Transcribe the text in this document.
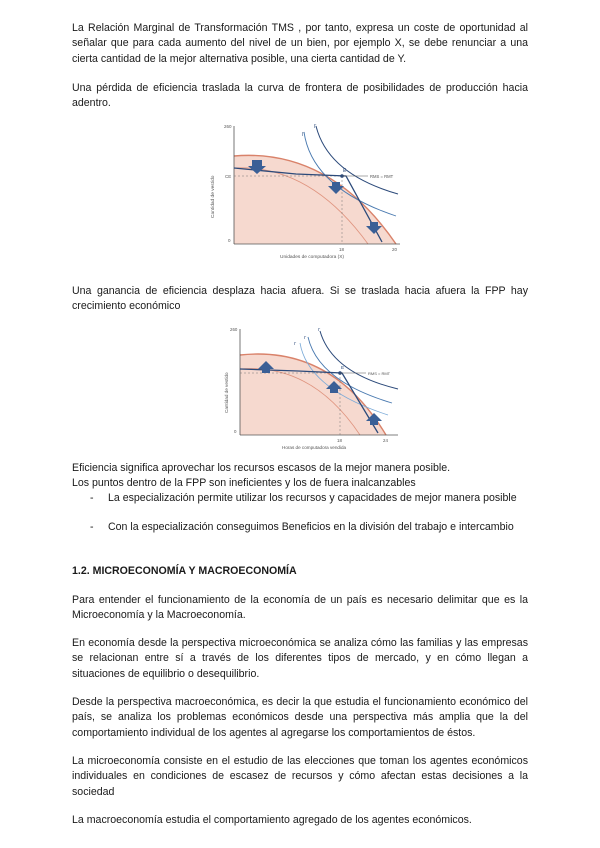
La Relación Marginal de Transformación TMS , por tanto, expresa un coste de oportunidad al señalar que para cada aumento del nivel de un bien, por ejemplo X, se debe renunciar a una cierta cantidad de la mejor alternativa posible, una cierta cantidad de Y.

Una pérdida de eficiencia traslada la curva de frontera de posibilidades de producción hacia adentro.

Cantidad de vestido
Unidades de computadora (X)
260
CE
0
18	20
I'
I'
E
RMS = RMT

Una ganancia de eficiencia desplaza hacia afuera. Si se traslada hacia afuera la FPP hay crecimiento económico

Cantidad de vestido
Horas de computadora vendida
260
0
18	24
I'
I'
I'
E
RMS = RMT

Eficiencia significa aprovechar los recursos escasos de la mejor manera posible.

Los puntos dentro de la FPP son ineficientes y los de fuera inalcanzables

-	La especialización permite utilizar los recursos y capacidades de mejor manera posible
-	Con la especialización conseguimos Beneficios en la división del trabajo e intercambio

1.2. MICROECONOMÍA Y MACROECONOMÍA

Para entender el funcionamiento de la economía de un país es necesario delimitar que es la Microeconomía y la Macroeconomía.

En economía desde la perspectiva microeconómica se analiza cómo las familias y las empresas se relacionan entre sí a través de los diferentes tipos de mercado, y en cómo llegan a situaciones de equilibrio o desequilibrio.

Desde la perspectiva macroeconómica, es decir la que estudia el funcionamiento económico del país, se analiza los problemas económicos desde una perspectiva más amplia que la del comportamiento individual de los agentes al agregarse los comportamientos de éstos.

La microeconomía consiste en el estudio de las elecciones que toman los agentes económicos individuales en condiciones de escasez de recursos y cómo afectan estas decisiones a la sociedad

La macroeconomía estudia el comportamiento agregado de los agentes económicos.
